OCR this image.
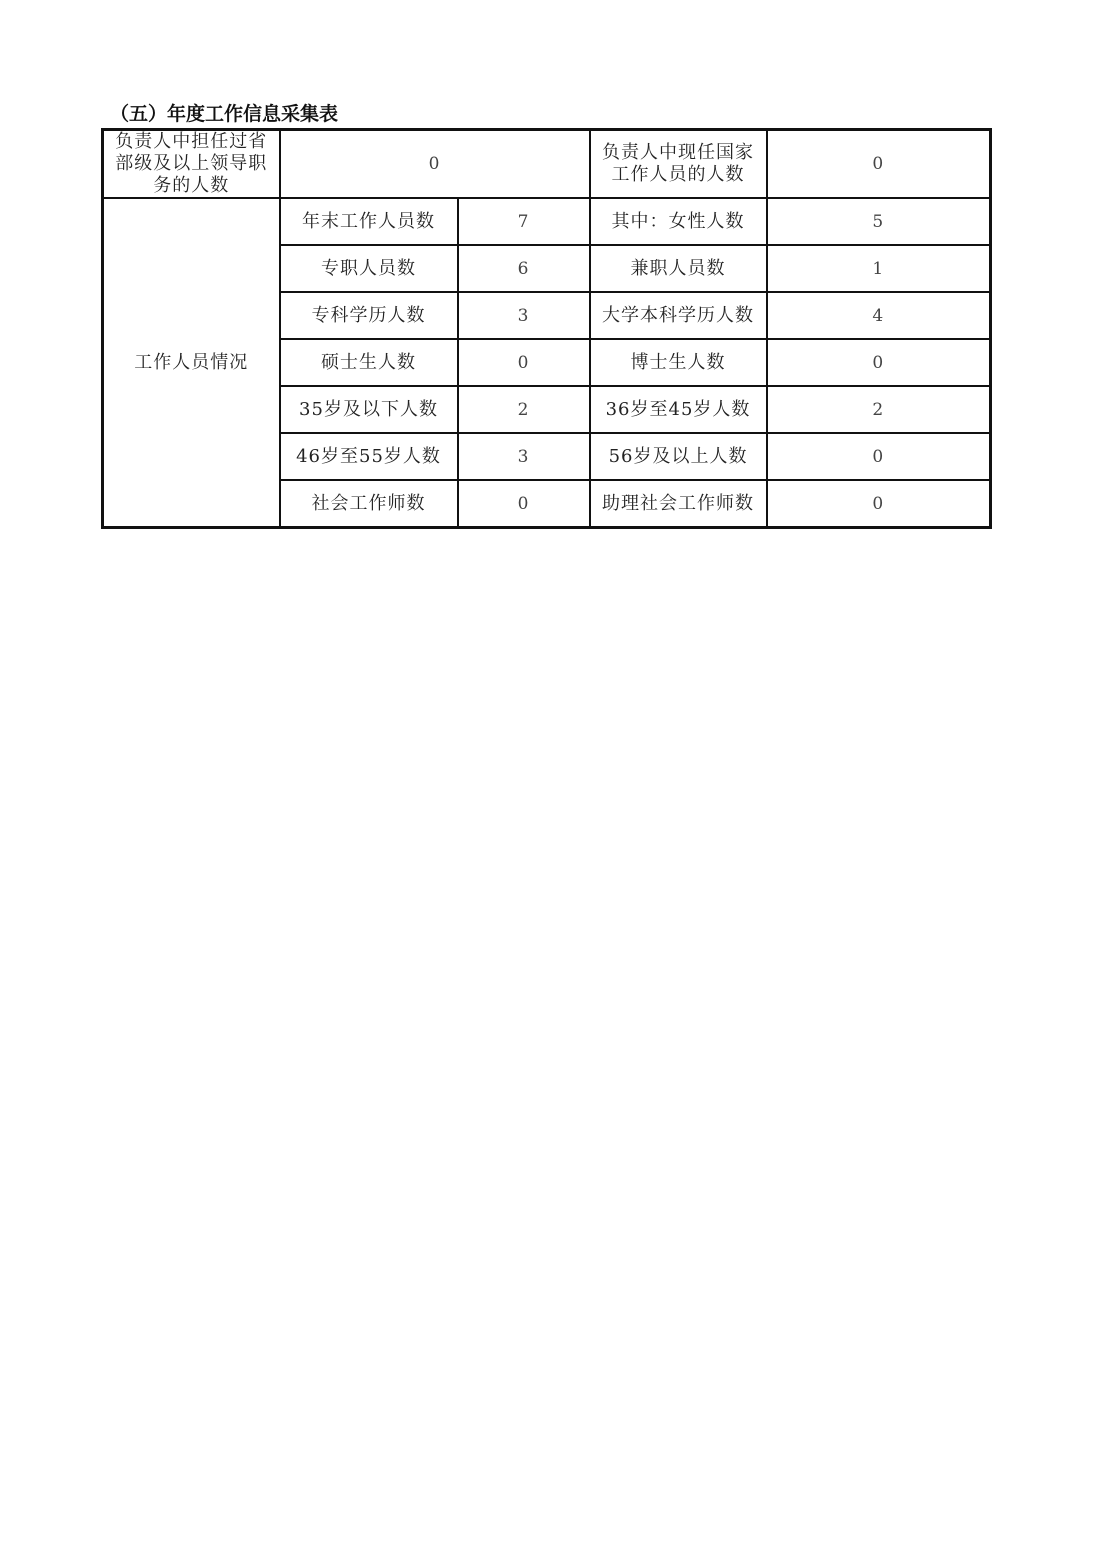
（五）年度工作信息采集表
负责人中担任过省部级及以上领导职务的人数	0		负责人中现任国家工作人员的人数	0
工作人员情况	年末工作人员数	7	其中：女性人数	5
	专职人员数	6	兼职人员数	1
	专科学历人数	3	大学本科学历人数	4
	硕士生人数	0	博士生人数	0
	35岁及以下人数	2	36岁至45岁人数	2
	46岁至55岁人数	3	56岁及以上人数	0
	社会工作师数	0	助理社会工作师数	0
